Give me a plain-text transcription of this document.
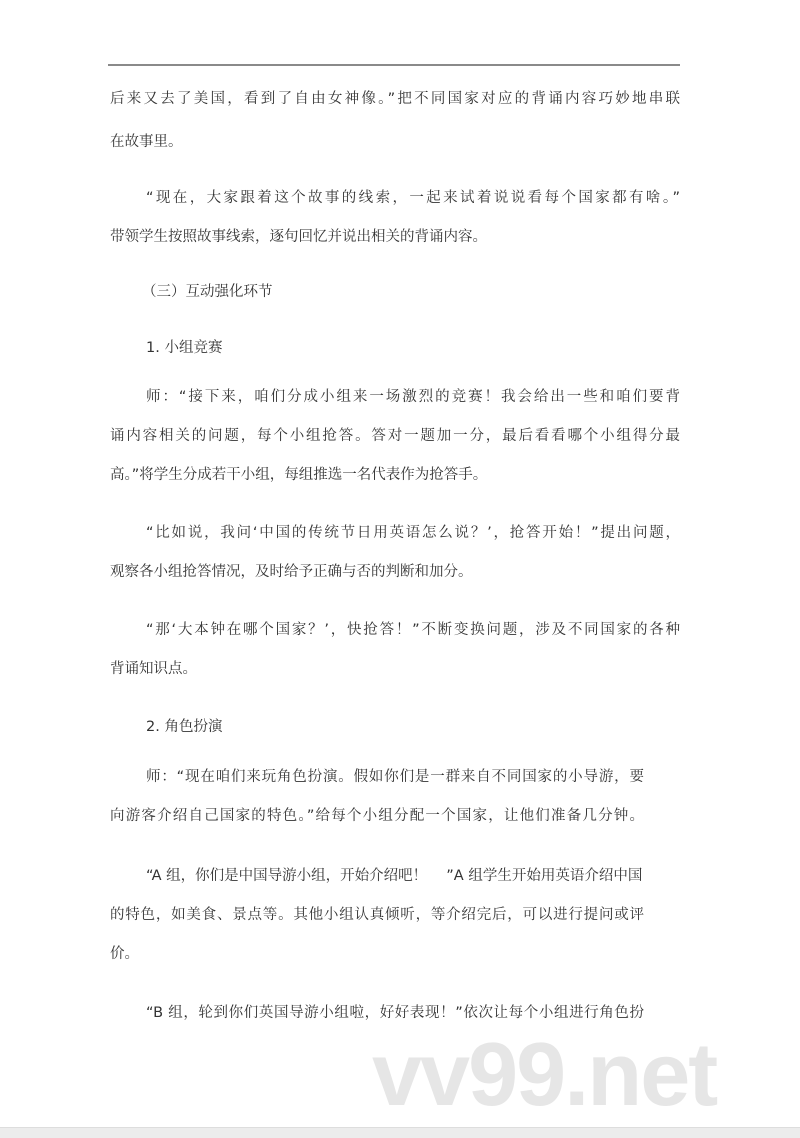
后来又去了美国，看到了自由女神像。”把不同国家对应的背诵内容巧妙地串联
在故事里。
“现在，大家跟着这个故事的线索，一起来试着说说看每个国家都有啥。”
带领学生按照故事线索，逐句回忆并说出相关的背诵内容。
（三）互动强化环节
1. 小组竞赛
师：“接下来，咱们分成小组来一场激烈的竞赛！我会给出一些和咱们要背
诵内容相关的问题，每个小组抢答。答对一题加一分，最后看看哪个小组得分最
高。”将学生分成若干小组，每组推选一名代表作为抢答手。
“比如说，我问‘中国的传统节日用英语怎么说？’，抢答开始！”提出问题，
观察各小组抢答情况，及时给予正确与否的判断和加分。
“那‘大本钟在哪个国家？’，快抢答！”不断变换问题，涉及不同国家的各种
背诵知识点。
2. 角色扮演
师：“现在咱们来玩角色扮演。假如你们是一群来自不同国家的小导游，要
向游客介绍自己国家的特色。”给每个小组分配一个国家，让他们准备几分钟。
“A 组，你们是中国导游小组，开始介绍吧！　 ”A 组学生开始用英语介绍中国
的特色，如美食、景点等。其他小组认真倾听，等介绍完后，可以进行提问或评
价。
“B 组，轮到你们英国导游小组啦，好好表现！”依次让每个小组进行角色扮
vv99.net
